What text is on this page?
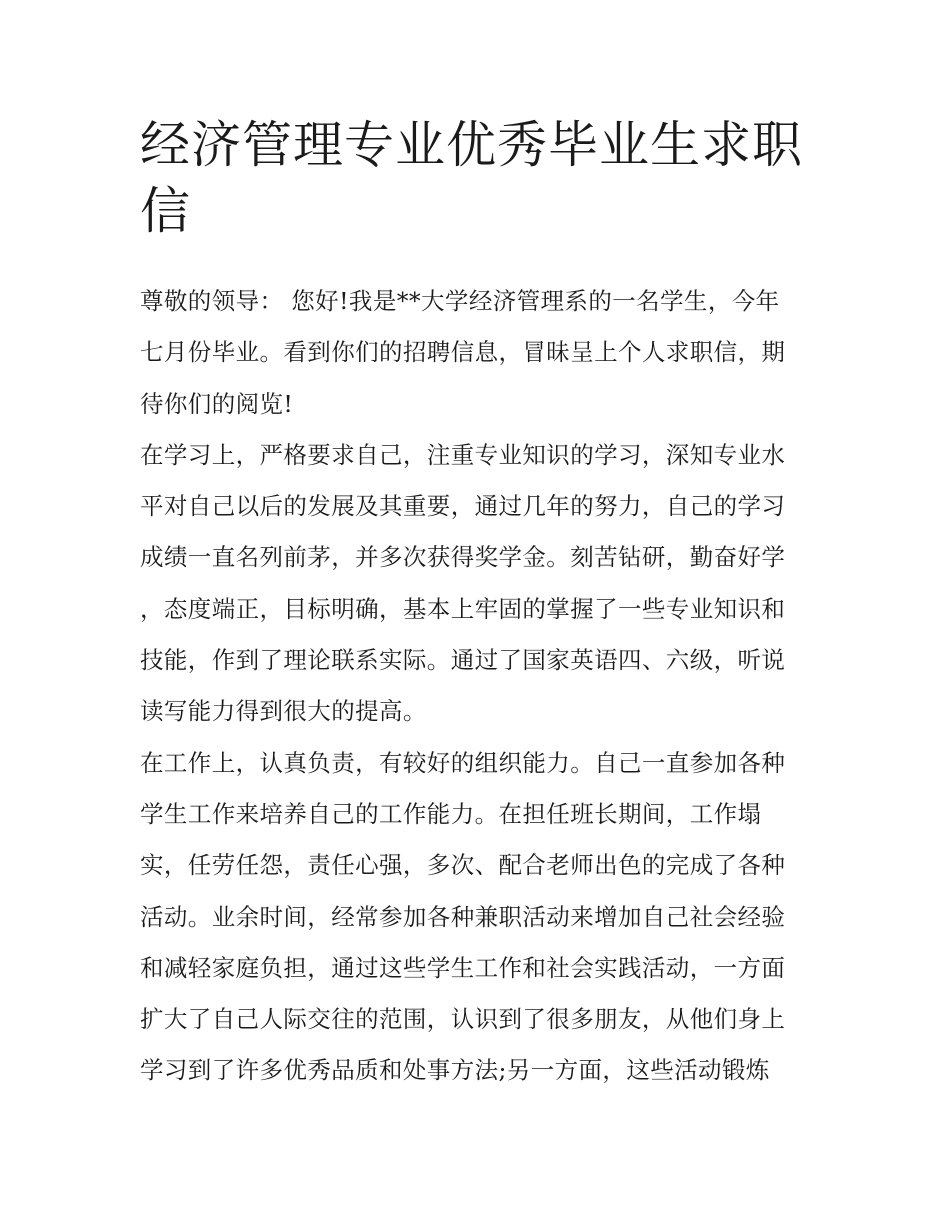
经济管理专业优秀毕业生求职
信
尊敬的领导： 您好!我是**大学经济管理系的一名学生，今年
七月份毕业。看到你们的招聘信息，冒昧呈上个人求职信，期
待你们的阅览!
在学习上，严格要求自己，注重专业知识的学习，深知专业水
平对自己以后的发展及其重要，通过几年的努力，自己的学习
成绩一直名列前茅，并多次获得奖学金。刻苦钻研，勤奋好学
，态度端正，目标明确，基本上牢固的掌握了一些专业知识和
技能，作到了理论联系实际。通过了国家英语四、六级，听说
读写能力得到很大的提高。
在工作上，认真负责，有较好的组织能力。自己一直参加各种
学生工作来培养自己的工作能力。在担任班长期间，工作塌
实，任劳任怨，责任心强，多次、配合老师出色的完成了各种
活动。业余时间，经常参加各种兼职活动来增加自己社会经验
和减轻家庭负担，通过这些学生工作和社会实践活动，一方面
扩大了自己人际交往的范围，认识到了很多朋友，从他们身上
学习到了许多优秀品质和处事方法;另一方面，这些活动锻炼
